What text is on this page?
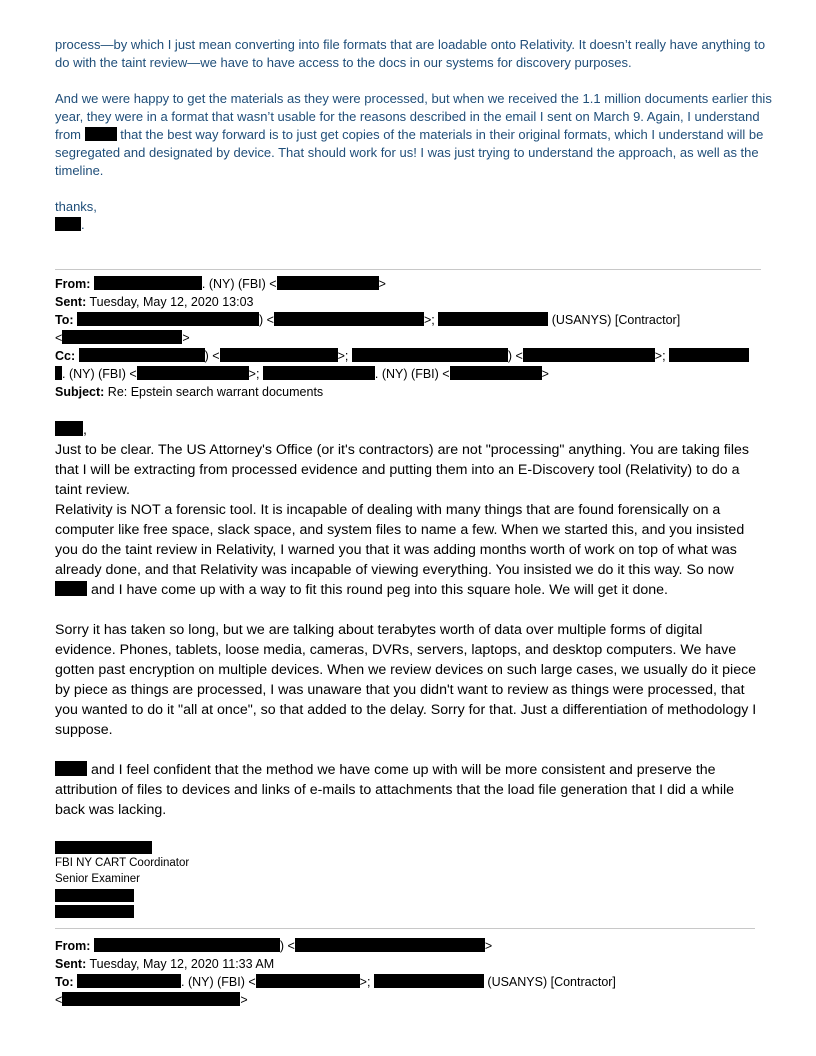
process—by which I just mean converting into file formats that are loadable onto Relativity. It doesn’t really have anything to do with the taint review—we have to have access to the docs in our systems for discovery purposes.

And we were happy to get the materials as they were processed, but when we received the 1.1 million documents earlier this year, they were in a format that wasn’t usable for the reasons described in the email I sent on March 9. Again, I understand from	that the best way forward is to just get copies of the materials in their original formats, which I understand will be segregated and designated by device. That should work for us! I was just trying to understand the approach, as well as the timeline.

thanks,

.

From:	. (NY) (FBI) <	>
Sent: Tuesday, May 12, 2020 13:03
To:	) <	>;	(USANYS) [Contractor]
<	>
Cc:	) <	>;	) <	>;
. (NY) (FBI) <	>;	. (NY) (FBI) <	>
Subject: Re: Epstein search warrant documents
,

Just to be clear. The US Attorney's Office (or it's contractors) are not "processing" anything. You are taking files that I will be extracting from processed evidence and putting them into an E-Discovery tool (Relativity) to do a taint review.

Relativity is NOT a forensic tool. It is incapable of dealing with many things that are found forensically on a computer like free space, slack space, and system files to name a few. When we started this, and you insisted you do the taint review in Relativity, I warned you that it was adding months worth of work on top of what was already done, and that Relativity was incapable of viewing everything. You insisted we do it this way. So now  and I have come up with a way to fit this round peg into this square hole. We will get it done.

Sorry it has taken so long, but we are talking about terabytes worth of data over multiple forms of digital evidence. Phones, tablets, loose media, cameras, DVRs, servers, laptops, and desktop computers. We have gotten past encryption on multiple devices. When we review devices on such large cases, we usually do it piece by piece as things are processed, I was unaware that you didn't want to review as things were processed, that you wanted to do it "all at once", so that added to the delay. Sorry for that. Just a differentiation of methodology I suppose.

and I feel confident that the method we have come up with will be more consistent and preserve the attribution of files to devices and links of e-mails to attachments that the load file generation that I did a while back was lacking.

FBI NY CART Coordinator
Senior Examiner
From:	) <	>
Sent: Tuesday, May 12, 2020 11:33 AM
To:	. (NY) (FBI) <	>;	(USANYS) [Contractor]
<	>
